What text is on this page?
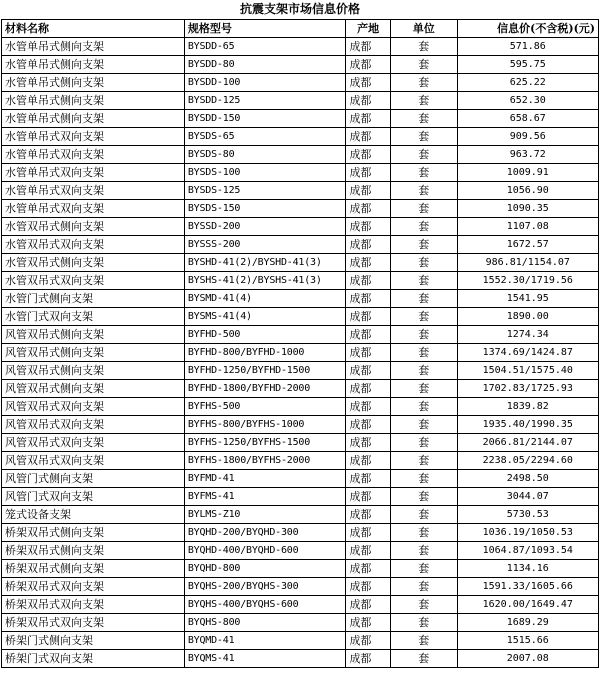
抗震支架市场信息价格
材料名称	规格型号	产地	单位	信息价(不含税)(元)
水管单吊式侧向支架	BYSDD-65	成都	套	571.86
水管单吊式侧向支架	BYSDD-80	成都	套	595.75
水管单吊式侧向支架	BYSDD-100	成都	套	625.22
水管单吊式侧向支架	BYSDD-125	成都	套	652.30
水管单吊式侧向支架	BYSDD-150	成都	套	658.67
水管单吊式双向支架	BYSDS-65	成都	套	909.56
水管单吊式双向支架	BYSDS-80	成都	套	963.72
水管单吊式双向支架	BYSDS-100	成都	套	1009.91
水管单吊式双向支架	BYSDS-125	成都	套	1056.90
水管单吊式双向支架	BYSDS-150	成都	套	1090.35
水管双吊式侧向支架	BYSSD-200	成都	套	1107.08
水管双吊式双向支架	BYSSS-200	成都	套	1672.57
水管双吊式侧向支架	BYSHD-41(2)/BYSHD-41(3)	成都	套	986.81/1154.07
水管双吊式双向支架	BYSHS-41(2)/BYSHS-41(3)	成都	套	1552.30/1719.56
水管门式侧向支架	BYSMD-41(4)	成都	套	1541.95
水管门式双向支架	BYSMS-41(4)	成都	套	1890.00
风管双吊式侧向支架	BYFHD-500	成都	套	1274.34
风管双吊式侧向支架	BYFHD-800/BYFHD-1000	成都	套	1374.69/1424.87
风管双吊式侧向支架	BYFHD-1250/BYFHD-1500	成都	套	1504.51/1575.40
风管双吊式侧向支架	BYFHD-1800/BYFHD-2000	成都	套	1702.83/1725.93
风管双吊式双向支架	BYFHS-500	成都	套	1839.82
风管双吊式双向支架	BYFHS-800/BYFHS-1000	成都	套	1935.40/1990.35
风管双吊式双向支架	BYFHS-1250/BYFHS-1500	成都	套	2066.81/2144.07
风管双吊式双向支架	BYFHS-1800/BYFHS-2000	成都	套	2238.05/2294.60
风管门式侧向支架	BYFMD-41	成都	套	2498.50
风管门式双向支架	BYFMS-41	成都	套	3044.07
笼式设备支架	BYLMS-Z10	成都	套	5730.53
桥架双吊式侧向支架	BYQHD-200/BYQHD-300	成都	套	1036.19/1050.53
桥架双吊式侧向支架	BYQHD-400/BYQHD-600	成都	套	1064.87/1093.54
桥架双吊式侧向支架	BYQHD-800	成都	套	1134.16
桥架双吊式双向支架	BYQHS-200/BYQHS-300	成都	套	1591.33/1605.66
桥架双吊式双向支架	BYQHS-400/BYQHS-600	成都	套	1620.00/1649.47
桥架双吊式双向支架	BYQHS-800	成都	套	1689.29
桥架门式侧向支架	BYQMD-41	成都	套	1515.66
桥架门式双向支架	BYQMS-41	成都	套	2007.08
